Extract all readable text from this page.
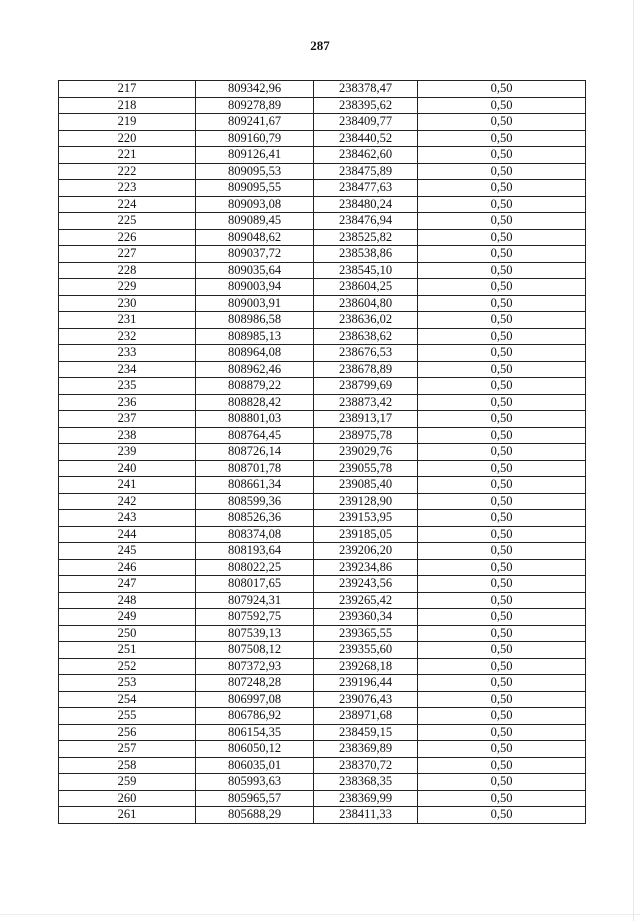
287
217	809342,96	238378,47	0,50
218	809278,89	238395,62	0,50
219	809241,67	238409,77	0,50
220	809160,79	238440,52	0,50
221	809126,41	238462,60	0,50
222	809095,53	238475,89	0,50
223	809095,55	238477,63	0,50
224	809093,08	238480,24	0,50
225	809089,45	238476,94	0,50
226	809048,62	238525,82	0,50
227	809037,72	238538,86	0,50
228	809035,64	238545,10	0,50
229	809003,94	238604,25	0,50
230	809003,91	238604,80	0,50
231	808986,58	238636,02	0,50
232	808985,13	238638,62	0,50
233	808964,08	238676,53	0,50
234	808962,46	238678,89	0,50
235	808879,22	238799,69	0,50
236	808828,42	238873,42	0,50
237	808801,03	238913,17	0,50
238	808764,45	238975,78	0,50
239	808726,14	239029,76	0,50
240	808701,78	239055,78	0,50
241	808661,34	239085,40	0,50
242	808599,36	239128,90	0,50
243	808526,36	239153,95	0,50
244	808374,08	239185,05	0,50
245	808193,64	239206,20	0,50
246	808022,25	239234,86	0,50
247	808017,65	239243,56	0,50
248	807924,31	239265,42	0,50
249	807592,75	239360,34	0,50
250	807539,13	239365,55	0,50
251	807508,12	239355,60	0,50
252	807372,93	239268,18	0,50
253	807248,28	239196,44	0,50
254	806997,08	239076,43	0,50
255	806786,92	238971,68	0,50
256	806154,35	238459,15	0,50
257	806050,12	238369,89	0,50
258	806035,01	238370,72	0,50
259	805993,63	238368,35	0,50
260	805965,57	238369,99	0,50
261	805688,29	238411,33	0,50
